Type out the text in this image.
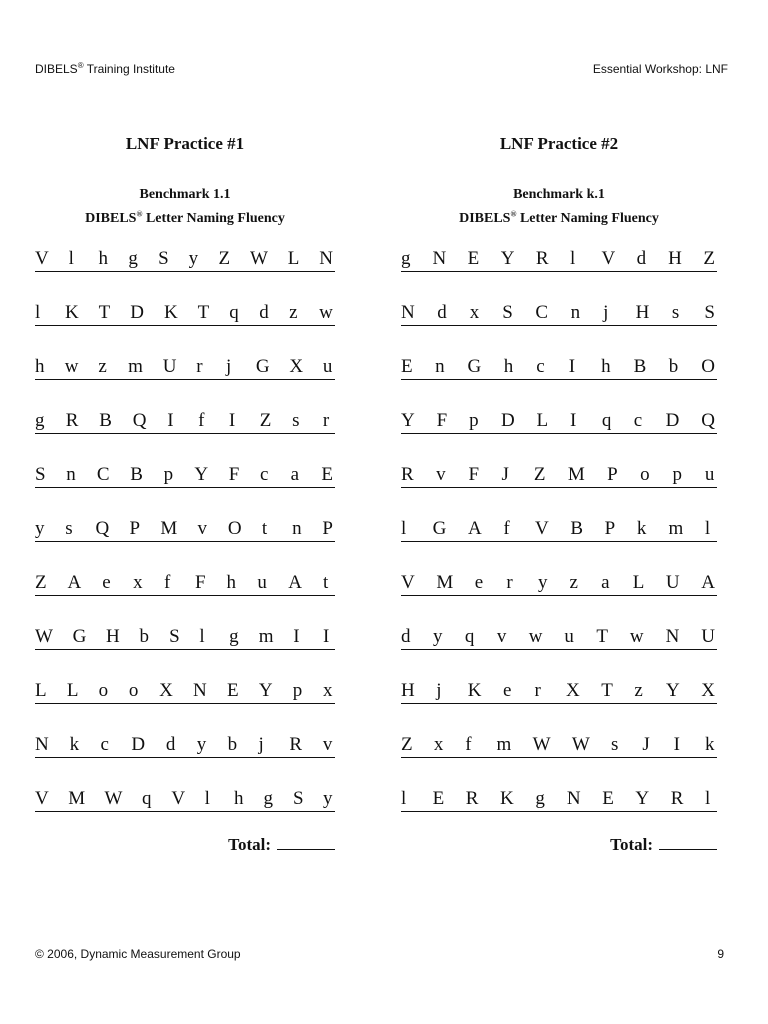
DIBELS® Training Institute	Essential Workshop: LNF
LNF Practice #1
Benchmark 1.1
DIBELS® Letter Naming Fluency
V l h g S y Z W L N
l K T D K T q d z w
h w z m U r j G X u
g R B Q I f I Z s r
S n C B p Y F c a E
y s Q P M v O t n P
Z A e x f F h u A t
W G H b S l g m I I
L L o o X N E Y p x
N k c D d y b j R v
V M W q V l h g S y
Total:
LNF Practice #2
Benchmark k.1
DIBELS® Letter Naming Fluency
g N E Y R l V d H Z
N d x S C n j H s S
E n G h c I h B b O
Y F p D L I q c D Q
R v F J Z M P o p u
l G A f V B P k m l
V M e r y z a L U A
d y q v w u T w N U
H j K e r X T z Y X
Z x f m W W s J I k
l E R K g N E Y R l
Total:
© 2006, Dynamic Measurement Group	9
